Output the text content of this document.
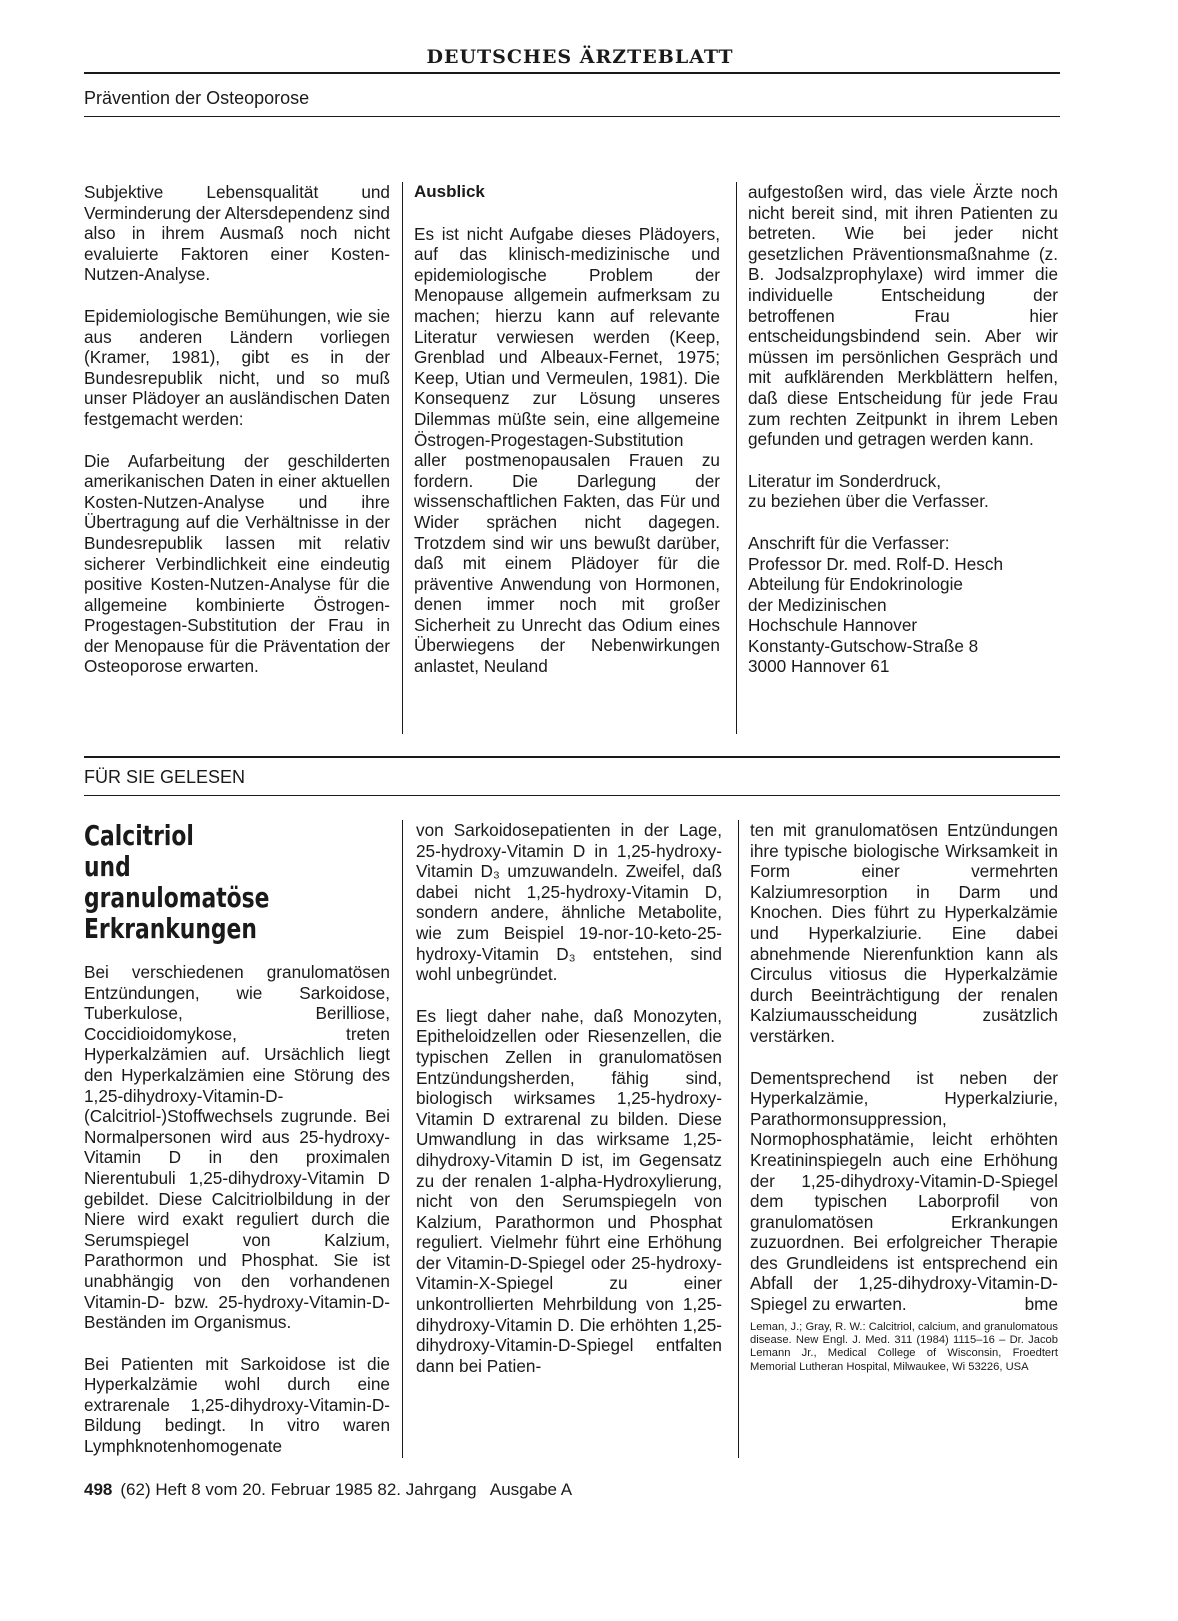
DEUTSCHES ÄRZTEBLATT
Prävention der Osteoporose

Subjektive Lebensqualität und Verminderung der Altersdependenz sind also in ihrem Ausmaß noch nicht evaluierte Faktoren einer Kosten-Nutzen-Analyse.

Epidemiologische Bemühungen, wie sie aus anderen Ländern vorliegen (Kramer, 1981), gibt es in der Bundesrepublik nicht, und so muß unser Plädoyer an ausländischen Daten festgemacht werden:

Die Aufarbeitung der geschilderten amerikanischen Daten in einer aktuellen Kosten-Nutzen-Analyse und ihre Übertragung auf die Verhältnisse in der Bundesrepublik lassen mit relativ sicherer Verbindlichkeit eine eindeutig positive Kosten-Nutzen-Analyse für die allgemeine kombinierte Östrogen-Progestagen-Substitution der Frau in der Menopause für die Präventation der Osteoporose erwarten.

Ausblick

Es ist nicht Aufgabe dieses Plädoyers, auf das klinisch-medizinische und epidemiologische Problem der Menopause allgemein aufmerksam zu machen; hierzu kann auf relevante Literatur verwiesen werden (Keep, Grenblad und Albeaux-Fernet, 1975; Keep, Utian und Vermeulen, 1981). Die Konsequenz zur Lösung unseres Dilemmas müßte sein, eine allgemeine Östrogen-Progestagen-Substitution aller postmenopausalen Frauen zu fordern. Die Darlegung der wissenschaftlichen Fakten, das Für und Wider sprächen nicht dagegen. Trotzdem sind wir uns bewußt darüber, daß mit einem Plädoyer für die präventive Anwendung von Hormonen, denen immer noch mit großer Sicherheit zu Unrecht das Odium eines Überwiegens der Nebenwirkungen anlastet, Neuland

aufgestoßen wird, das viele Ärzte noch nicht bereit sind, mit ihren Patienten zu betreten. Wie bei jeder nicht gesetzlichen Präventionsmaßnahme (z. B. Jodsalzprophylaxe) wird immer die individuelle Entscheidung der betroffenen Frau hier entscheidungsbindend sein. Aber wir müssen im persönlichen Gespräch und mit aufklärenden Merkblättern helfen, daß diese Entscheidung für jede Frau zum rechten Zeitpunkt in ihrem Leben gefunden und getragen werden kann.

Literatur im Sonderdruck,
zu beziehen über die Verfasser.

Anschrift für die Verfasser:
Professor Dr. med. Rolf-D. Hesch
Abteilung für Endokrinologie
der Medizinischen
Hochschule Hannover
Konstanty-Gutschow-Straße 8
3000 Hannover 61

FÜR SIE GELESEN
Calcitriol
und granulomatöse
Erkrankungen

Bei verschiedenen granulomatösen Entzündungen, wie Sarkoidose, Tuberkulose, Berilliose, Coccidioidomykose, treten Hyperkalzämien auf. Ursächlich liegt den Hyperkalzämien eine Störung des 1,25-dihydroxy-Vitamin-D-(Calcitriol-)Stoffwechsels zugrunde. Bei Normalpersonen wird aus 25-hydroxy-Vitamin D in den proximalen Nierentubuli 1,25-dihydroxy-Vitamin D gebildet. Diese Calcitriolbildung in der Niere wird exakt reguliert durch die Serumspiegel von Kalzium, Parathormon und Phosphat. Sie ist unabhängig von den vorhandenen Vitamin-D- bzw. 25-hydroxy-Vitamin-D-Beständen im Organismus.

Bei Patienten mit Sarkoidose ist die Hyperkalzämie wohl durch eine extrarenale 1,25-dihydroxy-Vitamin-D-Bildung bedingt. In vitro waren Lymphknotenhomogenate

von Sarkoidosepatienten in der Lage, 25-hydroxy-Vitamin D in 1,25-hydroxy-Vitamin D₃ umzuwandeln. Zweifel, daß dabei nicht 1,25-hydroxy-Vitamin D, sondern andere, ähnliche Metabolite, wie zum Beispiel 19-nor-10-keto-25-hydroxy-Vitamin D₃ entstehen, sind wohl unbegründet.

Es liegt daher nahe, daß Monozyten, Epitheloidzellen oder Riesenzellen, die typischen Zellen in granulomatösen Entzündungsherden, fähig sind, biologisch wirksames 1,25-hydroxy-Vitamin D extrarenal zu bilden. Diese Umwandlung in das wirksame 1,25-dihydroxy-Vitamin D ist, im Gegensatz zu der renalen 1-alpha-Hydroxylierung, nicht von den Serumspiegeln von Kalzium, Parathormon und Phosphat reguliert. Vielmehr führt eine Erhöhung der Vitamin-D-Spiegel oder 25-hydroxy-Vitamin-X-Spiegel zu einer unkontrollierten Mehrbildung von 1,25-dihydroxy-Vitamin D. Die erhöhten 1,25-dihydroxy-Vitamin-D-Spiegel entfalten dann bei Patien-

ten mit granulomatösen Entzündungen ihre typische biologische Wirksamkeit in Form einer vermehrten Kalziumresorption in Darm und Knochen. Dies führt zu Hyperkalzämie und Hyperkalziurie. Eine dabei abnehmende Nierenfunktion kann als Circulus vitiosus die Hyperkalzämie durch Beeinträchtigung der renalen Kalziumausscheidung zusätzlich verstärken.

Dementsprechend ist neben der Hyperkalzämie, Hyperkalziurie, Parathormonsuppression, Normophosphatämie, leicht erhöhten Kreatininspiegeln auch eine Erhöhung der 1,25-dihydroxy-Vitamin-D-Spiegel dem typischen Laborprofil von granulomatösen Erkrankungen zuzuordnen. Bei erfolgreicher Therapie des Grundleidens ist entsprechend ein Abfall der 1,25-dihydroxy-Vitamin-D-Spiegel zu erwarten.	bme

Leman, J.; Gray, R. W.: Calcitriol, calcium, and granulomatous disease. New Engl. J. Med. 311 (1984) 1115–16 – Dr. Jacob Lemann Jr., Medical College of Wisconsin, Froedtert Memorial Lutheran Hospital, Milwaukee, Wi 53226, USA
498 (62) Heft 8 vom 20. Februar 1985 82. Jahrgang   Ausgabe A
